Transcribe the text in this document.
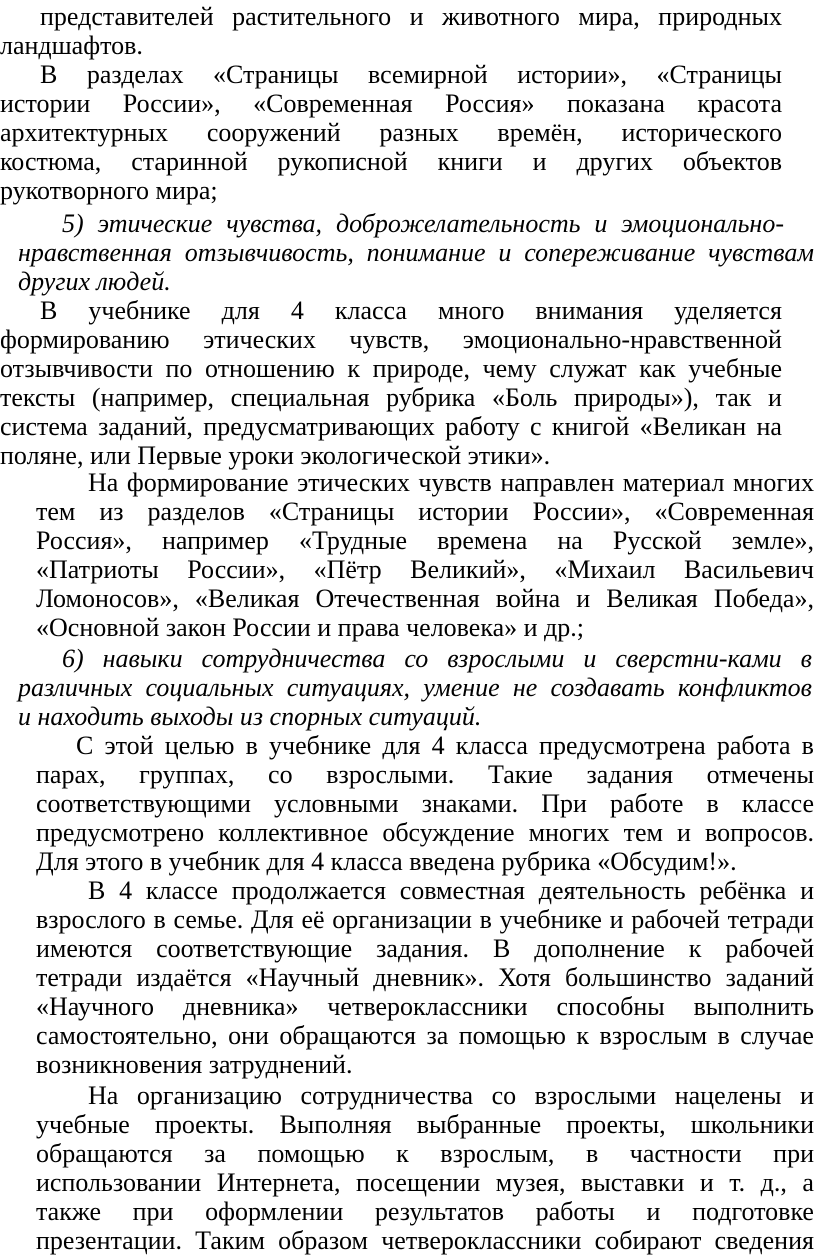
представителей растительного и животного мира, природных
ландшафтов.
В разделах «Страницы всемирной истории», «Страницы
истории России», «Современная Россия» показана красота
архитектурных сооружений разных времён, исторического
костюма, старинной рукописной книги и других объектов
рукотворного мира;
5) этические чувства, доброжелательность и эмоционально-
нравственная отзывчивость, понимание и сопереживание чувствам
других людей.
В учебнике для 4 класса много внимания уделяется
формированию этических чувств, эмоционально-нравственной
отзывчивости по отношению к природе, чему служат как учебные
тексты (например, специальная рубрика «Боль природы»), так и
система заданий, предусматривающих работу с книгой «Великан на
поляне, или Первые уроки экологической этики».
На формирование этических чувств направлен материал многих
тем из разделов «Страницы истории России», «Современная
Россия», например «Трудные времена на Русской земле»,
«Патриоты России», «Пётр Великий», «Михаил Васильевич
Ломоносов», «Великая Отечественная война и Великая Победа»,
«Основной закон России и права человека» и др.;
6) навыки сотрудничества со взрослыми и сверстни-ками в
различных социальных ситуациях, умение не создавать конфликтов
и находить выходы из спорных ситуаций.
С этой целью в учебнике для 4 класса предусмотрена работа в
парах, группах, со взрослыми. Такие задания отмечены
соответствующими условными знаками. При работе в классе
предусмотрено коллективное обсуждение многих тем и вопросов.
Для этого в учебник для 4 класса введена рубрика «Обсудим!».
В 4 классе продолжается совместная деятельность ребёнка и
взрослого в семье. Для её организации в учебнике и рабочей тетради
имеются соответствующие задания. В дополнение к рабочей
тетради издаётся «Научный дневник». Хотя большинство заданий
«Научного дневника» четвероклассники способны выполнить
самостоятельно, они обращаются за помощью к взрослым в случае
возникновения затруднений.
На организацию сотрудничества со взрослыми нацелены и
учебные проекты. Выполняя выбранные проекты, школьники
обращаются за помощью к взрослым, в частности при
использовании Интернета, посещении музея, выставки и т. д., а
также при оформлении результатов работы и подготовке
презентации. Таким образом четвероклассники собирают сведения
